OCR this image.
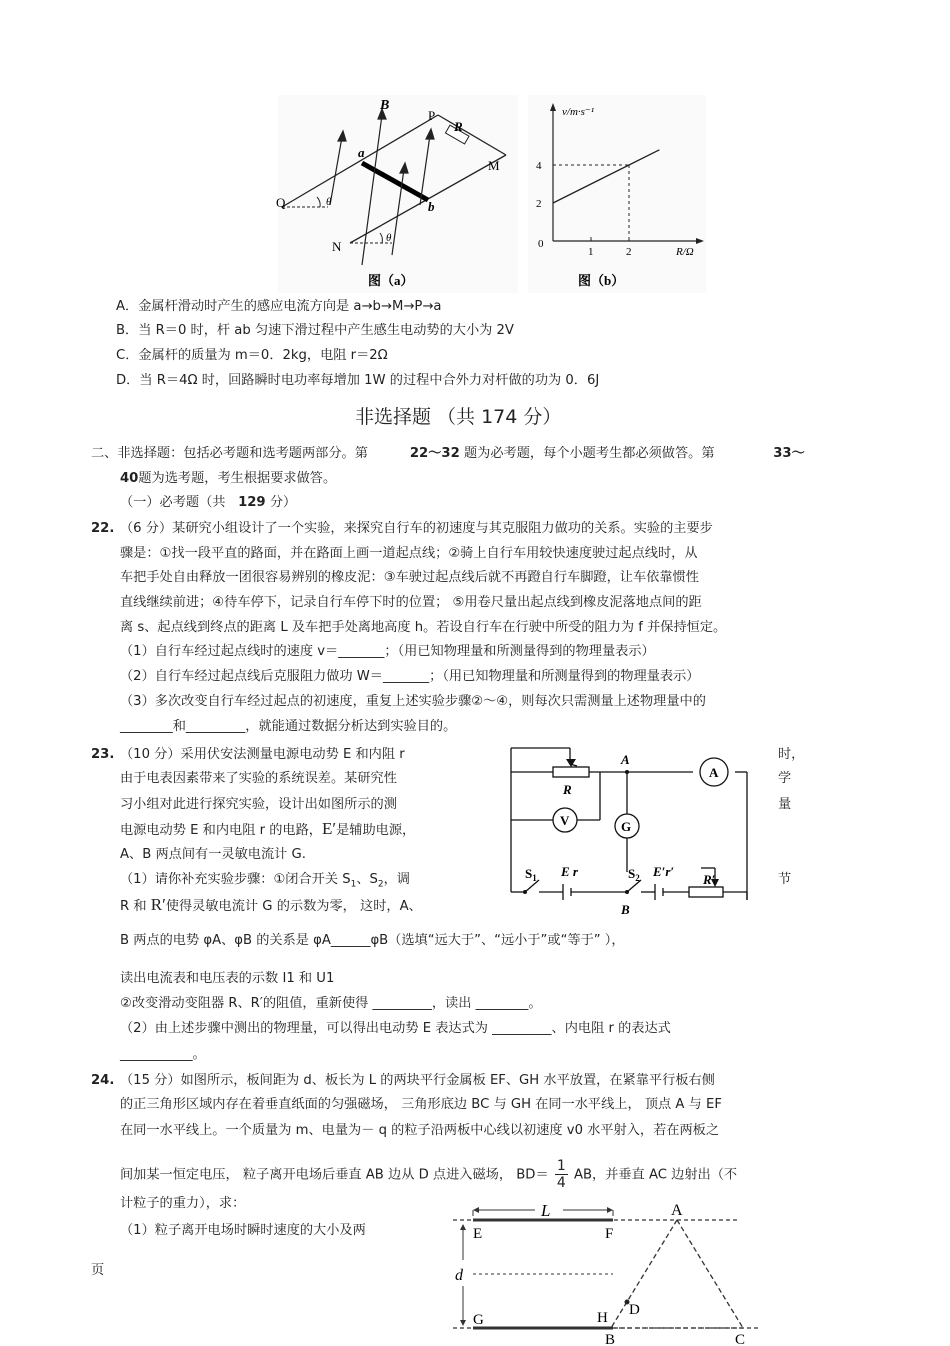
B
P
R
M
a
b
Q
N
θ
θ
图（a）
v/m·s⁻¹
R/Ω
0
1	2
2
4
图（b）
A．金属杆滑动时产生的感应电流方向是 a→b→M→P→a
B．当 R＝0 时，杆 ab 匀速下滑过程中产生感生电动势的大小为 2V
C．金属杆的质量为 m＝0．2kg，电阻 r＝2Ω
D．当 R＝4Ω 时，回路瞬时电功率每增加 1W 的过程中合外力对杆做的功为 0．6J
非选择题 （共 174 分）
二、非选择题：包括必考题和选考题两部分。第	22～32 题为必考题，每个小题考生都必须做答。第	33～
40题为选考题，考生根据要求做答。
（一）必考题（共 129 分）
22. （6 分）某研究小组设计了一个实验，来探究自行车的初速度与其克服阻力做功的关系。实验的主要步
骤是：①找一段平直的路面，并在路面上画一道起点线；②骑上自行车用较快速度驶过起点线时，从
车把手处自由释放一团很容易辨别的橡皮泥：③车驶过起点线后就不再蹬自行车脚蹬，让车依靠惯性
直线继续前进；④待车停下，记录自行车停下时的位置； ⑤用卷尺量出起点线到橡皮泥落地点间的距
离 s、起点线到终点的距离 L 及车把手处离地高度 h。若设自行车在行驶中所受的阻力为 f 并保持恒定。
（1）自行车经过起点线时的速度 v＝_______；（用已知物理量和所测量得到的物理量表示）
（2）自行车经过起点线后克服阻力做功 W＝_______；（用已知物理量和所测量得到的物理量表示）
（3）多次改变自行车经过起点的初速度，重复上述实验步骤②～④，则每次只需测量上述物理量中的
________和_________，就能通过数据分析达到实验目的。
23. （10 分）采用伏安法测量电源电动势 E 和内阻 r	时，
由于电表因素带来了实验的系统误差。某研究性	学
习小组对此进行探究实验，设计出如图所示的测	量
电源电动势 E 和内电阻 r 的电路，E′是辅助电源，
A、B 两点间有一灵敏电流计 G.
（1）请你补充实验步骤：①闭合开关 $S_1$、$S_2$，调	节
R 和 R′使得灵敏电流计 G 的示数为零， 这时，A、
B 两点的电势 φA、φB 的关系是 φA______φB（选填“远大于”、“远小于”或“等于” ），
读出电流表和电压表的示数 I1 和 U1
②改变滑动变阻器 R、R′的阻值，重新使得 _________，读出 ________。
（2）由上述步骤中测出的物理量，可以得出电动势 E 表达式为 _________、内电阻 r 的表达式
___________。
R
A
A
V	G
$S_1$ E r	$S_2$ E′r′
R′
B
24. （15 分）如图所示，板间距为 d、板长为 L 的两块平行金属板 EF、GH 水平放置，在紧靠平行板右侧
的正三角形区域内存在着垂直纸面的匀强磁场， 三角形底边 BC 与 GH 在同一水平线上， 顶点 A 与 EF
在同一水平线上。一个质量为 m、电量为－ q 的粒子沿两板中心线以初速度 v0 水平射入，若在两板之
间加某一恒定电压， 粒子离开电场后垂直 AB 边从 D 点进入磁场， $BD= \frac{1}{4}$ AB，并垂直 AC 边射出（不
计粒子的重力），求：
（1）粒子离开电场时瞬时速度的大小及两
L	A
E	F
d
G	H D
B	C
页
